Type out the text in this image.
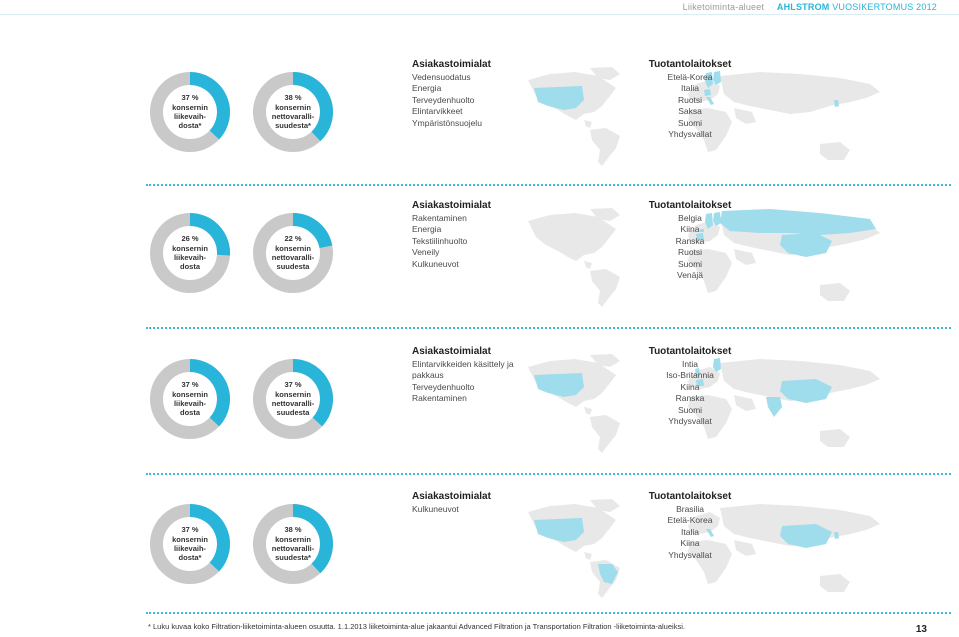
Liiketoiminta-alueet AHLSTROM VUOSIKERTOMUS 2012
37 %
konsernin
liikevaih-
dosta*
38 %
konsernin
nettovaralli-
suudesta*
Asiakastoimialat
Vedensuodatus
Energia
Terveydenhuolto
Elintarvikkeet
Ympäristönsuojelu
Tuotantolaitokset
Etelä-Korea
Italia
Ruotsi
Saksa
Suomi
Yhdysvallat
26 %
konsernin
liikevaih-
dosta
22 %
konsernin
nettovaralli-
suudesta
Asiakastoimialat
Rakentaminen
Energia
Tekstiilinhuolto
Veneily
Kulkuneuvot
Tuotantolaitokset
Belgia
Kiina
Ranska
Ruotsi
Suomi
Venäjä
37 %
konsernin
liikevaih-
dosta
37 %
konsernin
nettovaralli-
suudesta
Asiakastoimialat
Elintarvikkeiden käsittely ja
pakkaus
Terveydenhuolto
Rakentaminen
Tuotantolaitokset
Intia
Iso-Britannia
Kiina
Ranska
Suomi
Yhdysvallat
37 %
konsernin
liikevaih-
dosta*
38 %
konsernin
nettovaralli-
suudesta*
Asiakastoimialat
Kulkuneuvot
Tuotantolaitokset
Brasilia
Etelä-Korea
Italia
Kiina
Yhdysvallat
* Luku kuvaa koko Filtration-liiketoiminta-alueen osuutta. 1.1.2013 liiketoiminta-alue jakaantui Advanced Filtration ja Transportation Filtration -liiketoiminta-alueiksi.	13
